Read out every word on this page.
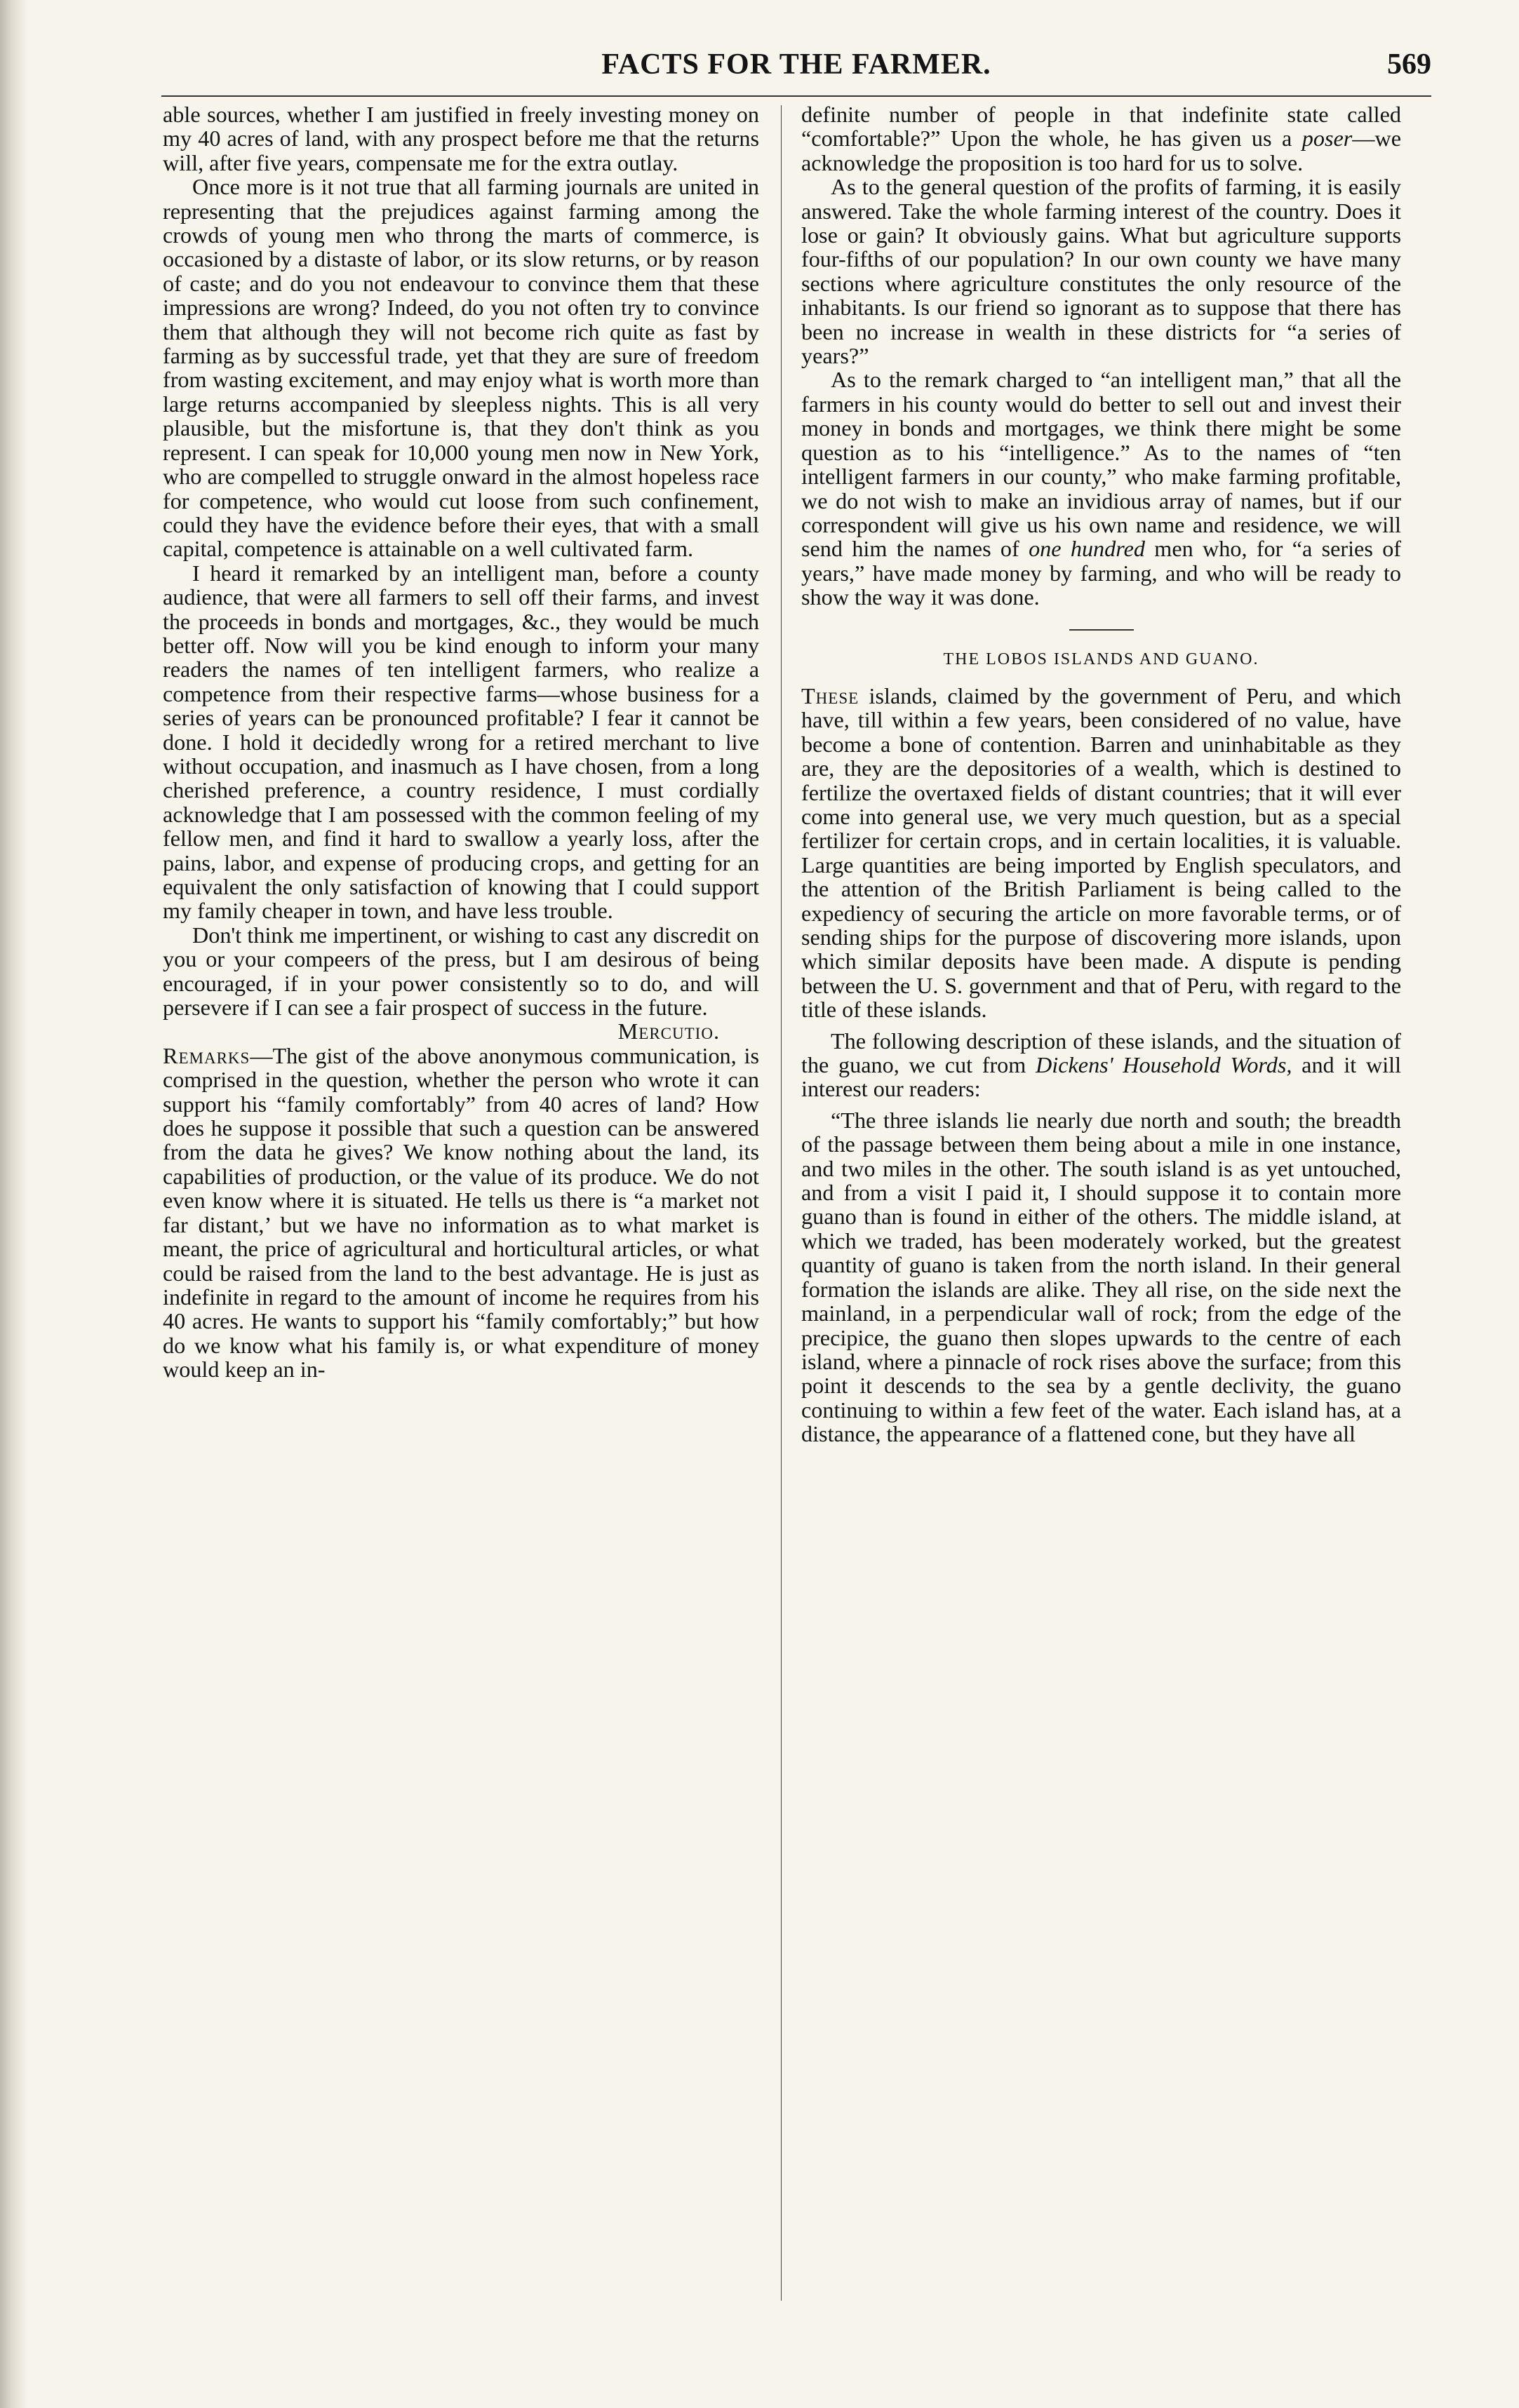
FACTS FOR THE FARMER.	569

able sources, whether I am justified in freely investing money on my 40 acres of land, with any prospect before me that the returns will, after five years, compensate me for the extra outlay.

Once more is it not true that all farming journals are united in representing that the prejudices against farming among the crowds of young men who throng the marts of commerce, is occasioned by a distaste of labor, or its slow returns, or by reason of caste; and do you not endeavour to convince them that these impressions are wrong? Indeed, do you not often try to convince them that although they will not become rich quite as fast by farming as by successful trade, yet that they are sure of freedom from wasting excitement, and may enjoy what is worth more than large returns accompanied by sleepless nights. This is all very plausible, but the misfortune is, that they don't think as you represent. I can speak for 10,000 young men now in New York, who are compelled to struggle onward in the almost hopeless race for competence, who would cut loose from such confinement, could they have the evidence before their eyes, that with a small capital, competence is attainable on a well cultivated farm.

I heard it remarked by an intelligent man, before a county audience, that were all farmers to sell off their farms, and invest the proceeds in bonds and mortgages, &c., they would be much better off. Now will you be kind enough to inform your many readers the names of ten intelligent farmers, who realize a competence from their respective farms—whose business for a series of years can be pronounced profitable? I fear it cannot be done. I hold it decidedly wrong for a retired merchant to live without occupation, and inasmuch as I have chosen, from a long cherished preference, a country residence, I must cordially acknowledge that I am possessed with the common feeling of my fellow men, and find it hard to swallow a yearly loss, after the pains, labor, and expense of producing crops, and getting for an equivalent the only satisfaction of knowing that I could support my family cheaper in town, and have less trouble.

Don't think me impertinent, or wishing to cast any discredit on you or your compeers of the press, but I am desirous of being encouraged, if in your power consistently so to do, and will persevere if I can see a fair prospect of success in the future.

Mercutio.

Remarks—The gist of the above anonymous communication, is comprised in the question, whether the person who wrote it can support his “family comfortably” from 40 acres of land? How does he suppose it possible that such a question can be answered from the data he gives? We know nothing about the land, its capabilities of production, or the value of its produce. We do not even know where it is situated. He tells us there is “a market not far distant,’ but we have no information as to what market is meant, the price of agricultural and horticultural articles, or what could be raised from the land to the best advantage. He is just as indefinite in regard to the amount of income he requires from his 40 acres. He wants to support his “family comfortably;” but how do we know what his family is, or what expenditure of money would keep an in-

definite number of people in that indefinite state called “comfortable?” Upon the whole, he has given us a poser—we acknowledge the proposition is too hard for us to solve.

As to the general question of the profits of farming, it is easily answered. Take the whole farming interest of the country. Does it lose or gain? It obviously gains. What but agriculture supports four-fifths of our population? In our own county we have many sections where agriculture constitutes the only resource of the inhabitants. Is our friend so ignorant as to suppose that there has been no increase in wealth in these districts for “a series of years?”

As to the remark charged to “an intelligent man,” that all the farmers in his county would do better to sell out and invest their money in bonds and mortgages, we think there might be some question as to his “intelligence.” As to the names of “ten intelligent farmers in our county,” who make farming profitable, we do not wish to make an invidious array of names, but if our correspondent will give us his own name and residence, we will send him the names of one hundred men who, for “a series of years,” have made money by farming, and who will be ready to show the way it was done.

THE LOBOS ISLANDS AND GUANO.

These islands, claimed by the government of Peru, and which have, till within a few years, been considered of no value, have become a bone of contention. Barren and uninhabitable as they are, they are the depositories of a wealth, which is destined to fertilize the overtaxed fields of distant countries; that it will ever come into general use, we very much question, but as a special fertilizer for certain crops, and in certain localities, it is valuable. Large quantities are being imported by English speculators, and the attention of the British Parliament is being called to the expediency of securing the article on more favorable terms, or of sending ships for the purpose of discovering more islands, upon which similar deposits have been made. A dispute is pending between the U. S. government and that of Peru, with regard to the title of these islands.

The following description of these islands, and the situation of the guano, we cut from Dickens' Household Words, and it will interest our readers:

“The three islands lie nearly due north and south; the breadth of the passage between them being about a mile in one instance, and two miles in the other. The south island is as yet untouched, and from a visit I paid it, I should suppose it to contain more guano than is found in either of the others. The middle island, at which we traded, has been moderately worked, but the greatest quantity of guano is taken from the north island. In their general formation the islands are alike. They all rise, on the side next the mainland, in a perpendicular wall of rock; from the edge of the precipice, the guano then slopes upwards to the centre of each island, where a pinnacle of rock rises above the surface; from this point it descends to the sea by a gentle declivity, the guano continuing to within a few feet of the water. Each island has, at a distance, the appearance of a flattened cone, but they have all
